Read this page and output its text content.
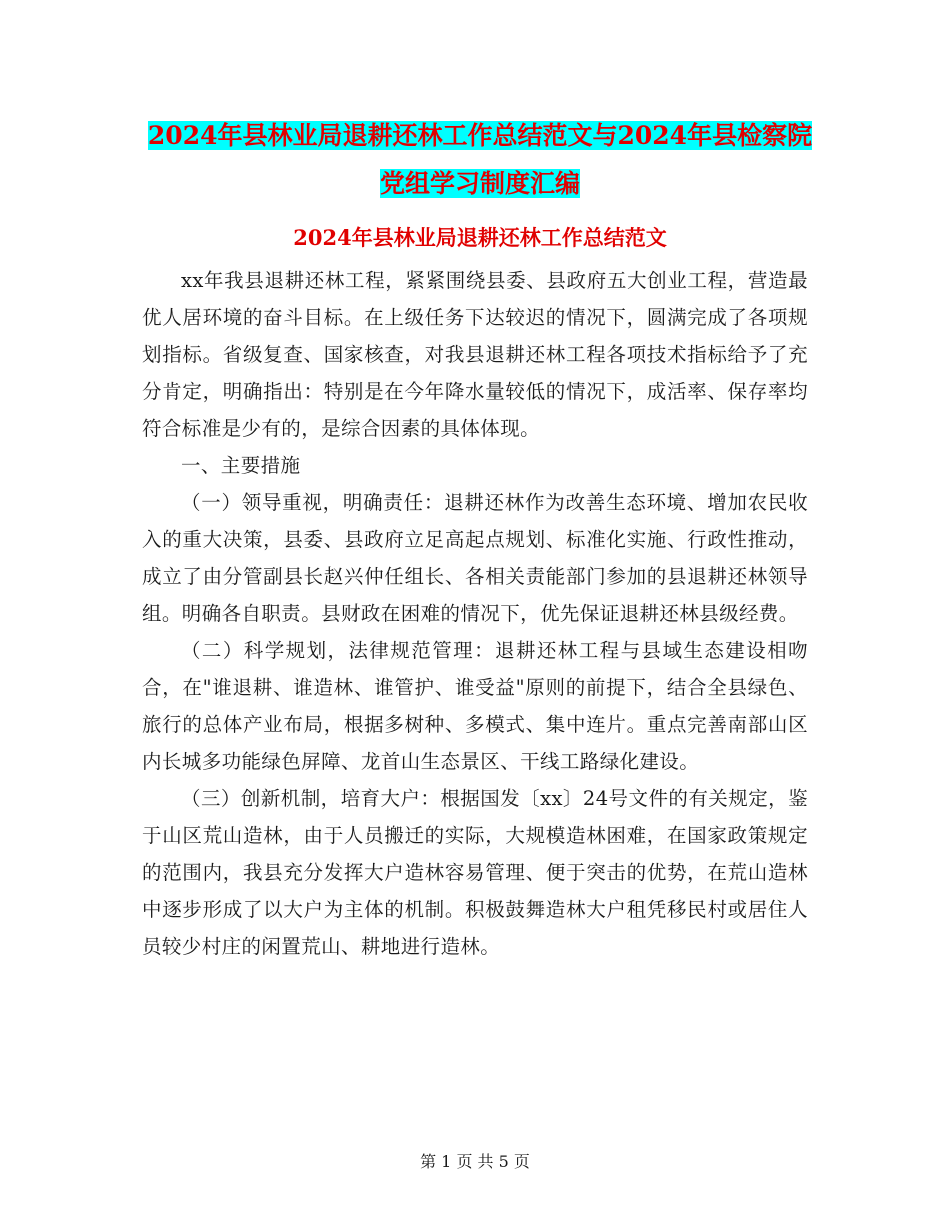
2024年县林业局退耕还林工作总结范文与2024年县检察院党组学习制度汇编
2024年县林业局退耕还林工作总结范文

xx年我县退耕还林工程，紧紧围绕县委、县政府五大创业工程，营造最优人居环境的奋斗目标。在上级任务下达较迟的情况下，圆满完成了各项规划指标。省级复查、国家核查，对我县退耕还林工程各项技术指标给予了充分肯定，明确指出：特别是在今年降水量较低的情况下，成活率、保存率均符合标准是少有的，是综合因素的具体体现。

一、主要措施

（一）领导重视，明确责任：退耕还林作为改善生态环境、增加农民收入的重大决策，县委、县政府立足高起点规划、标准化实施、行政性推动，成立了由分管副县长赵兴仲任组长、各相关责能部门参加的县退耕还林领导组。明确各自职责。县财政在困难的情况下，优先保证退耕还林县级经费。

（二）科学规划，法律规范管理：退耕还林工程与县域生态建设相吻合，在"谁退耕、谁造林、谁管护、谁受益"原则的前提下，结合全县绿色、旅行的总体产业布局，根据多树种、多模式、集中连片。重点完善南部山区内长城多功能绿色屏障、龙首山生态景区、干线工路绿化建设。

（三）创新机制，培育大户：根据国发〔xx〕24号文件的有关规定，鉴于山区荒山造林，由于人员搬迁的实际，大规模造林困难，在国家政策规定的范围内，我县充分发挥大户造林容易管理、便于突击的优势，在荒山造林中逐步形成了以大户为主体的机制。积极鼓舞造林大户租凭移民村或居住人员较少村庄的闲置荒山、耕地进行造林。

第 1 页 共 5 页
